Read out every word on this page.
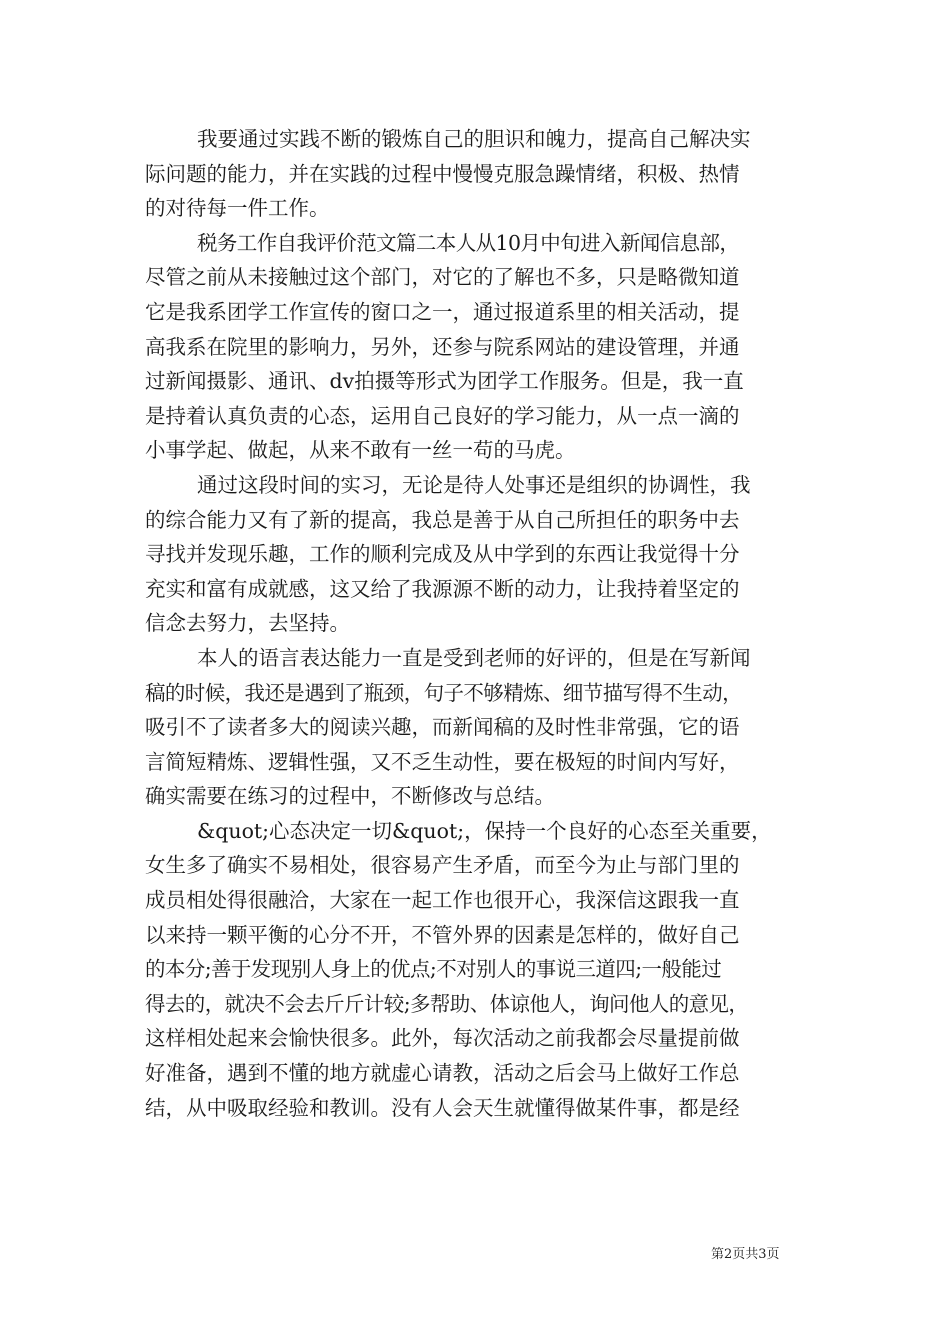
我要通过实践不断的锻炼自己的胆识和魄力，提高自己解决实
际问题的能力，并在实践的过程中慢慢克服急躁情绪，积极、热情
的对待每一件工作。
税务工作自我评价范文篇二本人从10月中旬进入新闻信息部，
尽管之前从未接触过这个部门，对它的了解也不多，只是略微知道
它是我系团学工作宣传的窗口之一，通过报道系里的相关活动，提
高我系在院里的影响力，另外，还参与院系网站的建设管理，并通
过新闻摄影、通讯、dv拍摄等形式为团学工作服务。但是，我一直
是持着认真负责的心态，运用自己良好的学习能力，从一点一滴的
小事学起、做起，从来不敢有一丝一苟的马虎。
通过这段时间的实习，无论是待人处事还是组织的协调性，我
的综合能力又有了新的提高，我总是善于从自己所担任的职务中去
寻找并发现乐趣，工作的顺利完成及从中学到的东西让我觉得十分
充实和富有成就感，这又给了我源源不断的动力，让我持着坚定的
信念去努力，去坚持。
本人的语言表达能力一直是受到老师的好评的，但是在写新闻
稿的时候，我还是遇到了瓶颈，句子不够精炼、细节描写得不生动，
吸引不了读者多大的阅读兴趣，而新闻稿的及时性非常强，它的语
言简短精炼、逻辑性强，又不乏生动性，要在极短的时间内写好，
确实需要在练习的过程中，不断修改与总结。
&quot;心态决定一切&quot;，保持一个良好的心态至关重要，
女生多了确实不易相处，很容易产生矛盾，而至今为止与部门里的
成员相处得很融洽，大家在一起工作也很开心，我深信这跟我一直
以来持一颗平衡的心分不开，不管外界的因素是怎样的，做好自己
的本分;善于发现别人身上的优点;不对别人的事说三道四;一般能过
得去的，就决不会去斤斤计较;多帮助、体谅他人，询问他人的意见，
这样相处起来会愉快很多。此外，每次活动之前我都会尽量提前做
好准备，遇到不懂的地方就虚心请教，活动之后会马上做好工作总
结，从中吸取经验和教训。没有人会天生就懂得做某件事，都是经
第2页共3页
